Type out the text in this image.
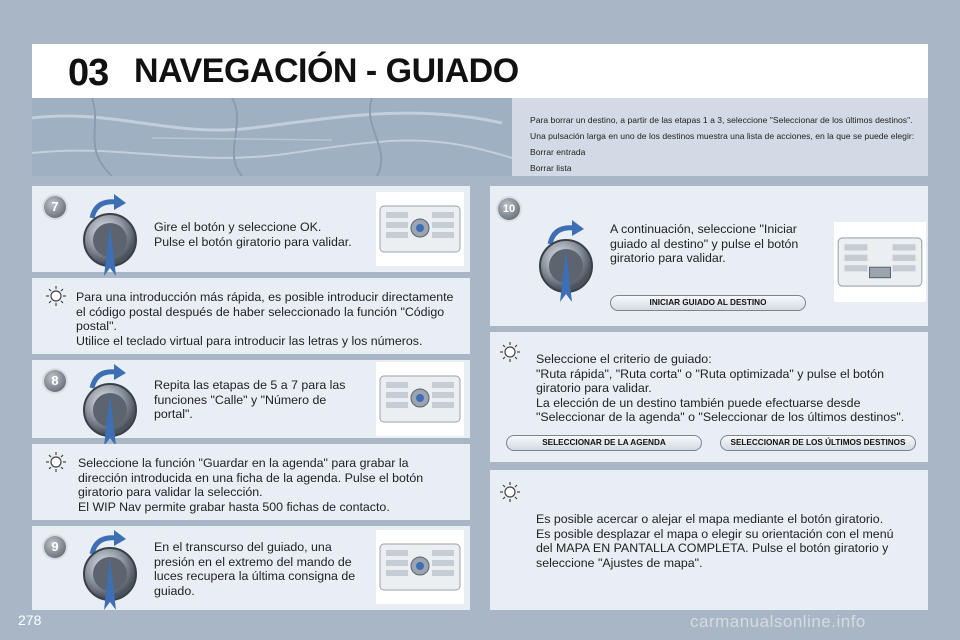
03 NAVEGACIÓN - GUIADO

Para borrar un destino, a partir de las etapas 1 a 3, seleccione "Seleccionar de los últimos destinos".

Una pulsación larga en uno de los destinos muestra una lista de acciones, en la que se puede elegir:

Borrar entrada

Borrar lista

7
Gire el botón y seleccione OK.
Pulse el botón giratorio para validar.
Para una introducción más rápida, es posible introducir directamente
el código postal después de haber seleccionado la función "Código
postal".
Utilice el teclado virtual para introducir las letras y los números.
8	Repita las etapas de 5 a 7 para las
funciones "Calle" y "Número de
portal".
Seleccione la función "Guardar en la agenda" para grabar la
dirección introducida en una ficha de la agenda. Pulse el botón
giratorio para validar la selección.
El WIP Nav permite grabar hasta 500 fichas de contacto.
9	En el transcurso del guiado, una
presión en el extremo del mando de
luces recupera la última consigna de
guiado.
10
A continuación, seleccione "Iniciar
guiado al destino" y pulse el botón
giratorio para validar.
INICIAR GUIADO AL DESTINO
Seleccione el criterio de guiado:
"Ruta rápida", "Ruta corta" o "Ruta optimizada" y pulse el botón
giratorio para validar.
La elección de un destino también puede efectuarse desde
"Seleccionar de la agenda" o "Seleccionar de los últimos destinos".
SELECCIONAR DE LA AGENDA	SELECCIONAR DE LOS ÚLTIMOS DESTINOS
Es posible acercar o alejar el mapa mediante el botón giratorio.
Es posible desplazar el mapa o elegir su orientación con el menú
del MAPA EN PANTALLA COMPLETA. Pulse el botón giratorio y
seleccione "Ajustes de mapa".
278	carmanualsonline.info
